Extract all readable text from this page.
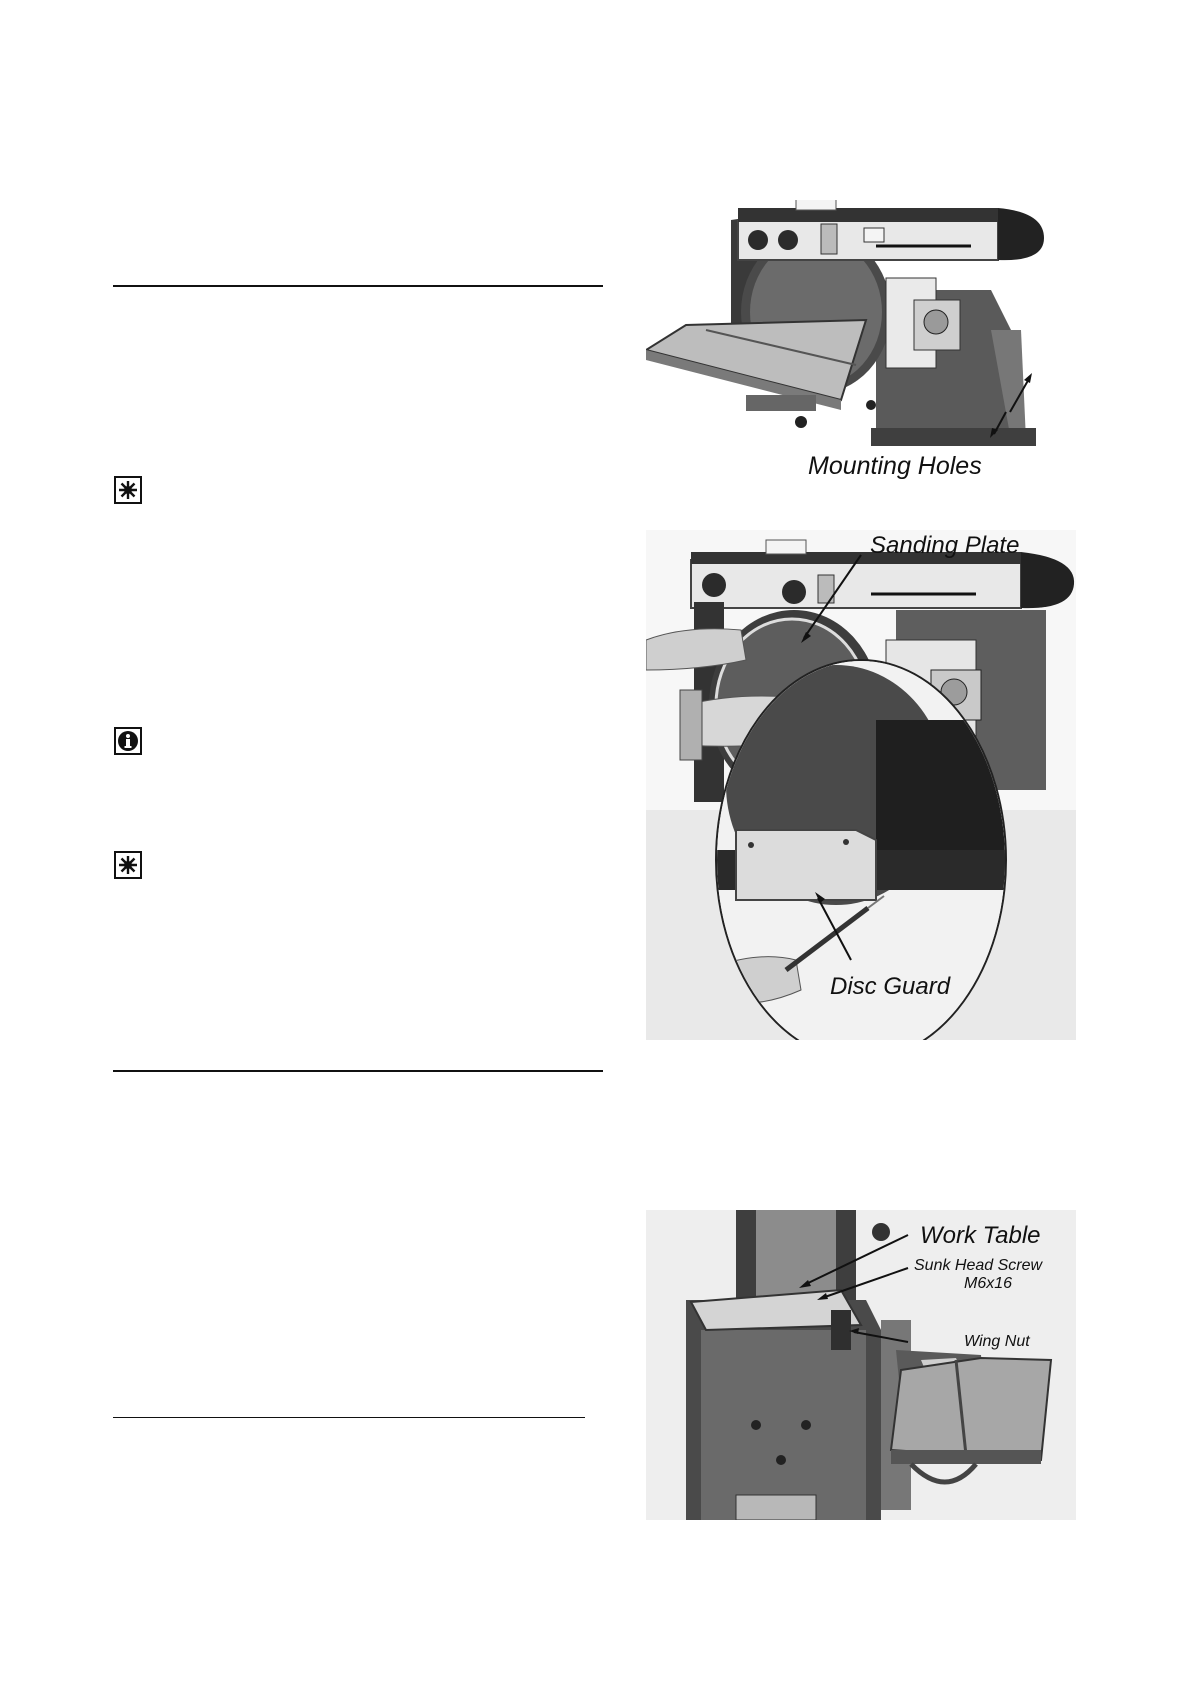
Mounting Holes
Sanding Plate
Disc Guard
Work Table
Sunk Head Screw
M6x16
Wing Nut
